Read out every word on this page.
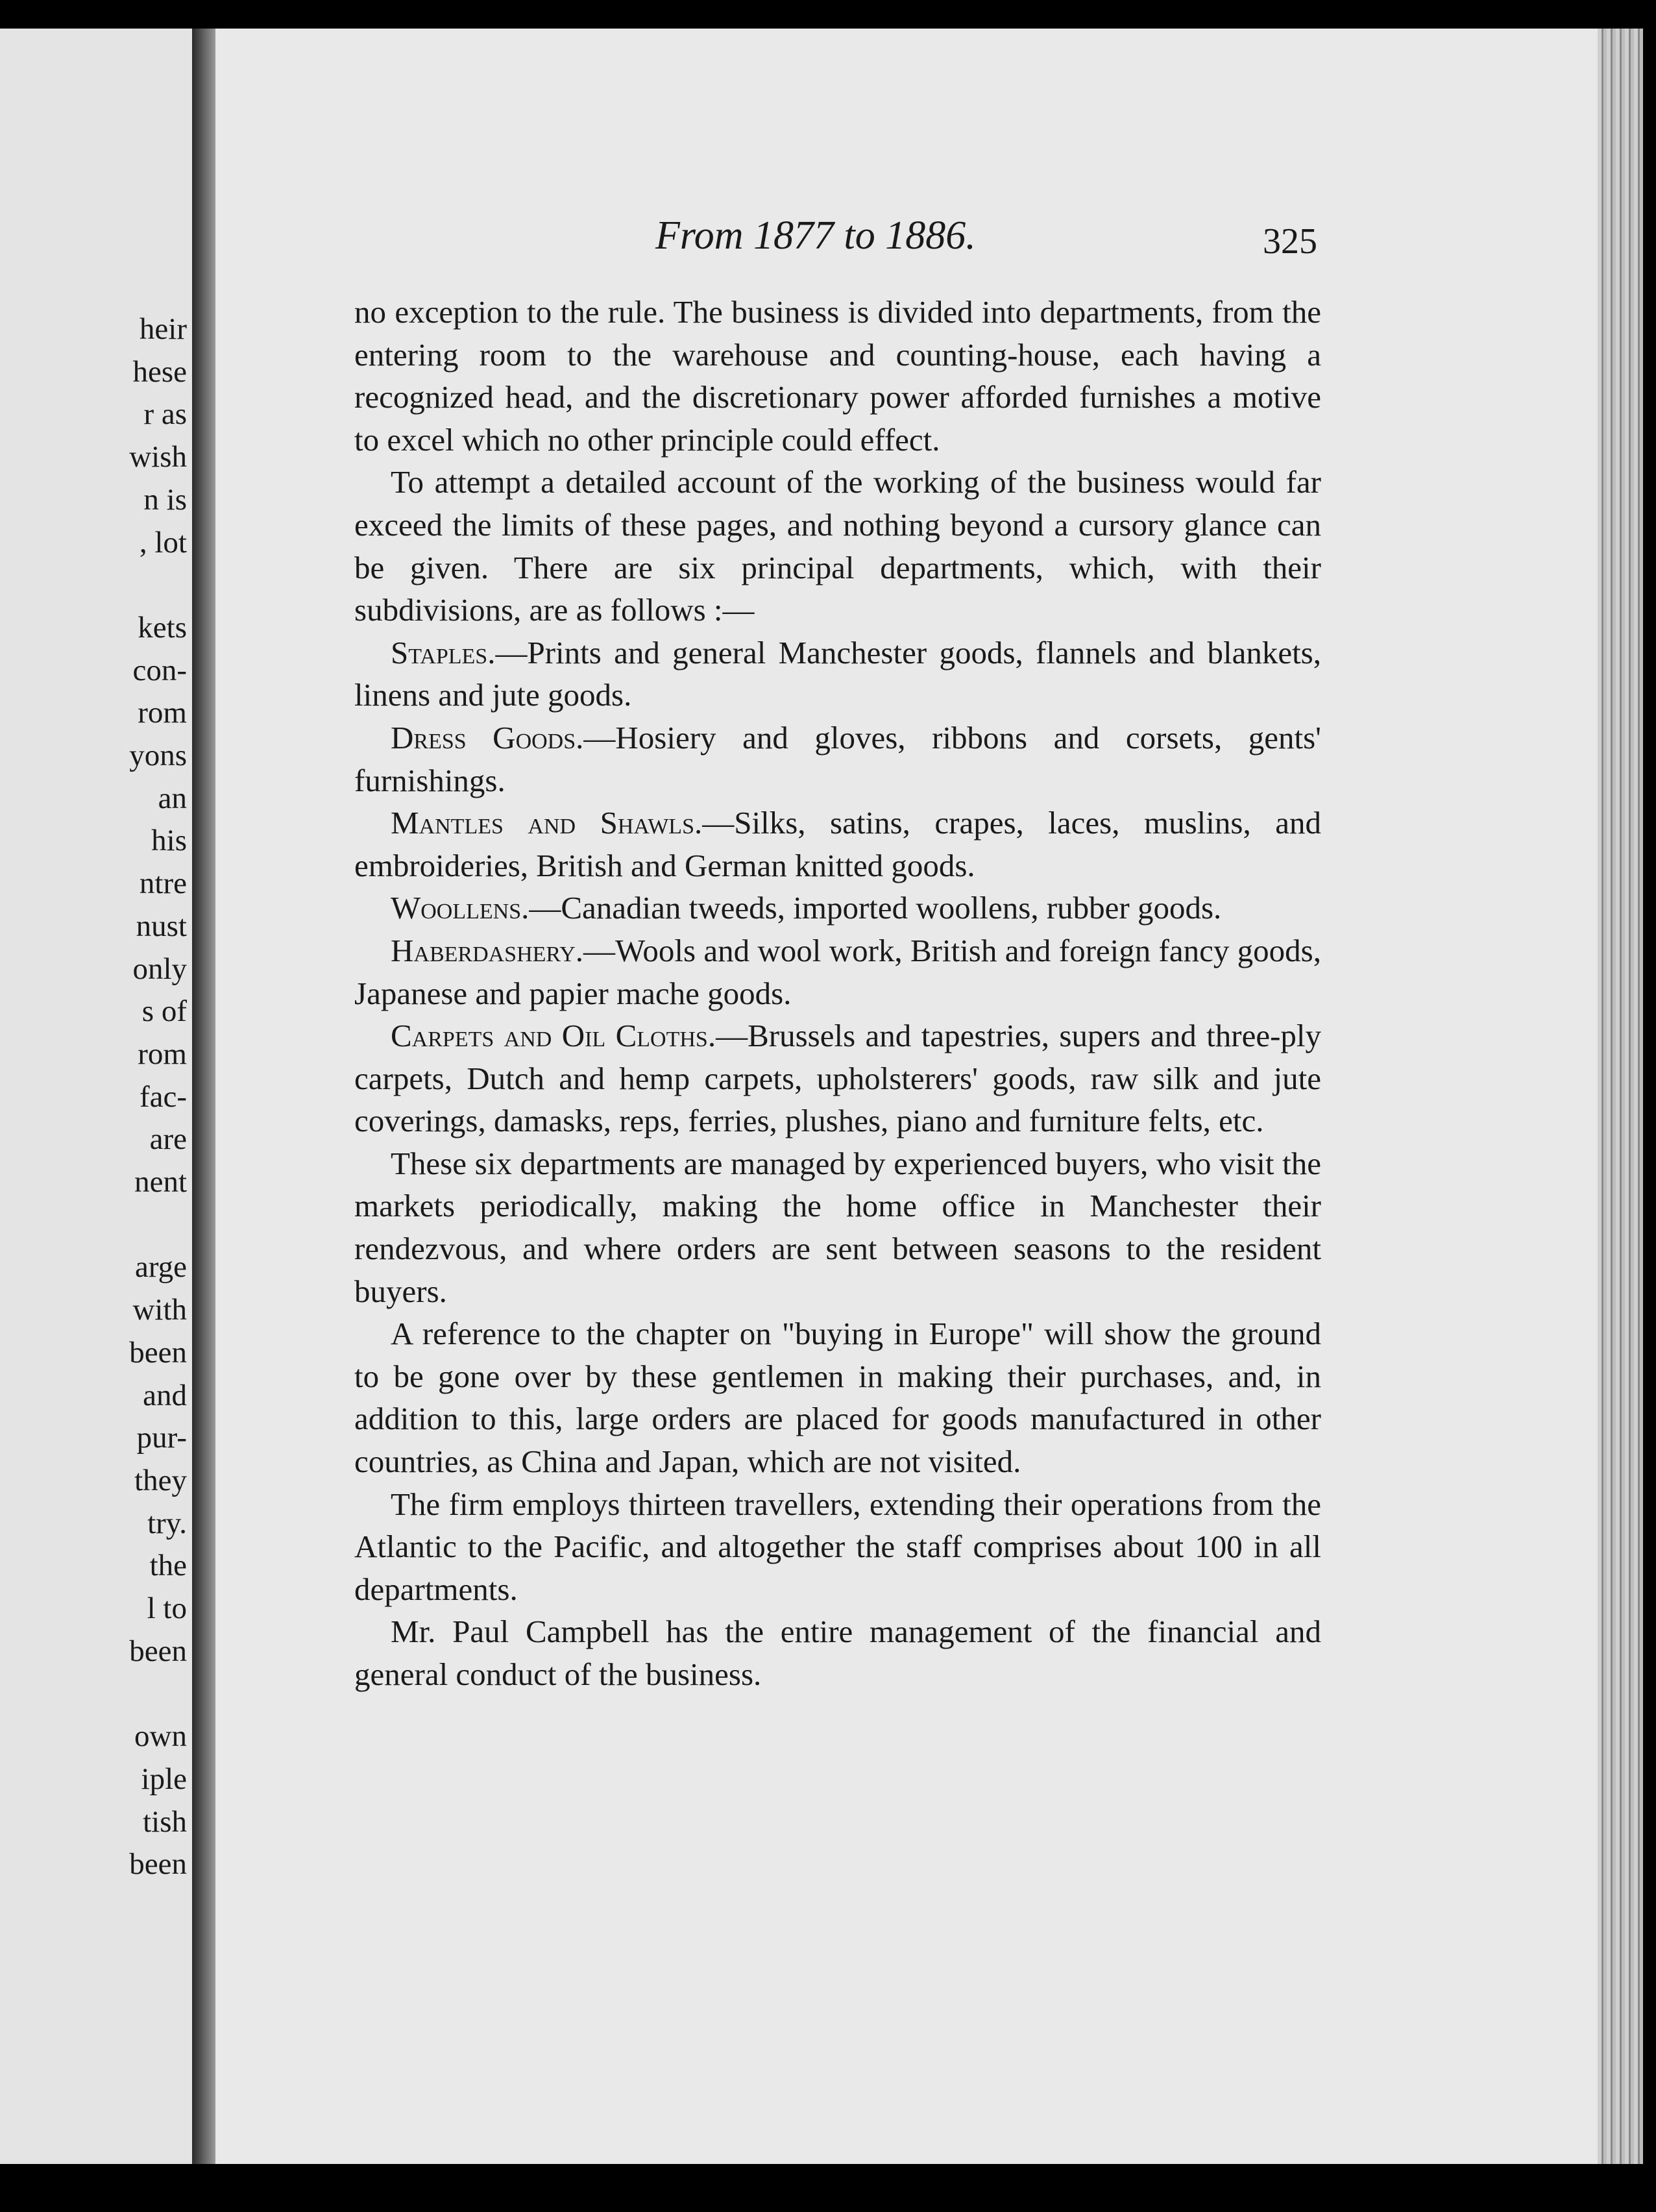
heir
hese
r as
wish
n is
, lot
kets
con-
rom
yons
an
his
ntre
nust
only
s of
rom
fac-
are
nent
arge
with
been
and
pur-
they
try.
the
l to
been
own
iple
tish
been
From 1877 to 1886.	325

no exception to the rule. The business is divided into departments, from the entering room to the warehouse and counting-house, each having a recognized head, and the discretionary power afforded furnishes a motive to excel which no other principle could effect.

To attempt a detailed account of the working of the business would far exceed the limits of these pages, and nothing beyond a cursory glance can be given. There are six principal departments, which, with their subdivisions, are as follows :—

Staples.—Prints and general Manchester goods, flannels and blankets, linens and jute goods.

Dress Goods.—Hosiery and gloves, ribbons and corsets, gents' furnishings.

Mantles and Shawls.—Silks, satins, crapes, laces, muslins, and embroideries, British and German knitted goods.

Woollens.—Canadian tweeds, imported woollens, rubber goods.

Haberdashery.—Wools and wool work, British and foreign fancy goods, Japanese and papier mache goods.

Carpets and Oil Cloths.—Brussels and tapestries, supers and three-ply carpets, Dutch and hemp carpets, upholsterers' goods, raw silk and jute coverings, damasks, reps, ferries, plushes, piano and furniture felts, etc.

These six departments are managed by experienced buyers, who visit the markets periodically, making the home office in Manchester their rendezvous, and where orders are sent between seasons to the resident buyers.

A reference to the chapter on "buying in Europe" will show the ground to be gone over by these gentlemen in making their purchases, and, in addition to this, large orders are placed for goods manufactured in other countries, as China and Japan, which are not visited.

The firm employs thirteen travellers, extending their operations from the Atlantic to the Pacific, and altogether the staff comprises about 100 in all departments.

Mr. Paul Campbell has the entire management of the financial and general conduct of the business.
